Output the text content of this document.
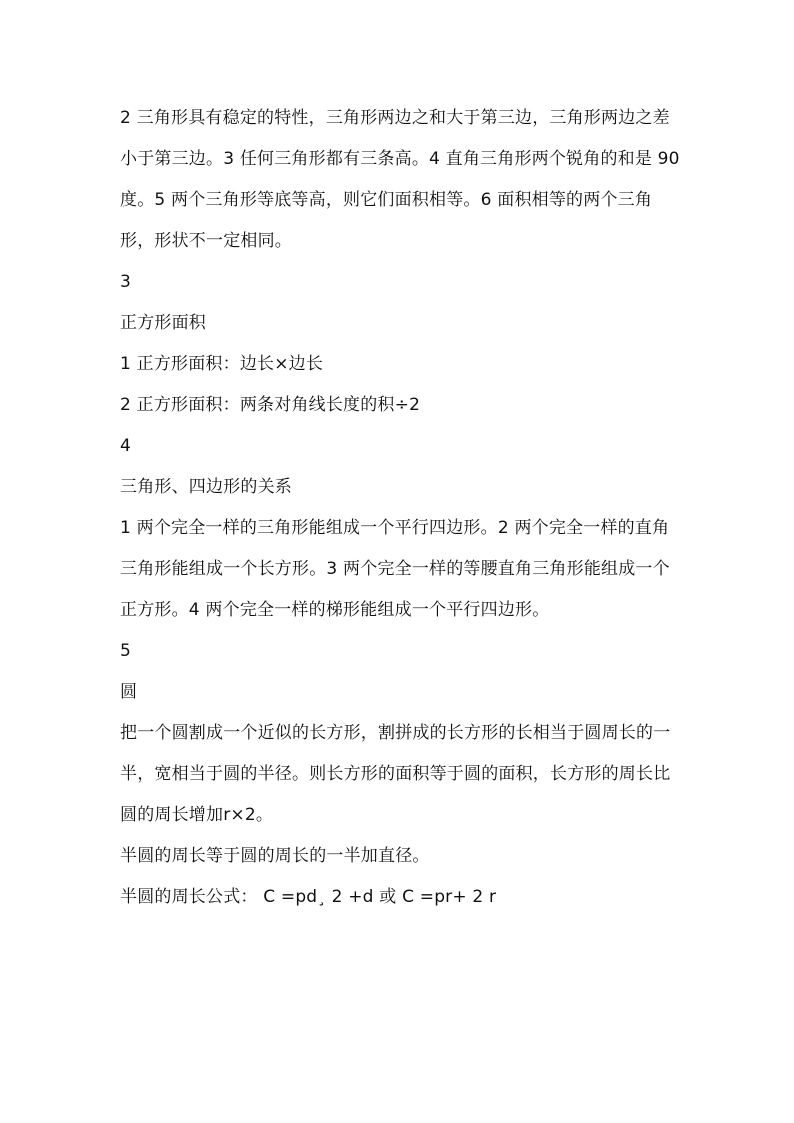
2 三角形具有稳定的特性，三角形两边之和大于第三边，三角形两边之差小于第三边。3 任何三角形都有三条高。4 直角三角形两个锐角的和是 90 度。5 两个三角形等底等高，则它们面积相等。6 面积相等的两个三角形，形状不一定相同。

3

正方形面积

1 正方形面积：边长×边长

2 正方形面积：两条对角线长度的积÷2

4

三角形、四边形的关系

1 两个完全一样的三角形能组成一个平行四边形。2 两个完全一样的直角三角形能组成一个长方形。3 两个完全一样的等腰直角三角形能组成一个正方形。4 两个完全一样的梯形能组成一个平行四边形。

5

圆

把一个圆割成一个近似的长方形，割拼成的长方形的长相当于圆周长的一半，宽相当于圆的半径。则长方形的面积等于圆的面积，长方形的周长比圆的周长增加r×2。

半圆的周长等于圆的周长的一半加直径。

半圆的周长公式： C =pd¸ 2 +d 或 C =pr+ 2 r
